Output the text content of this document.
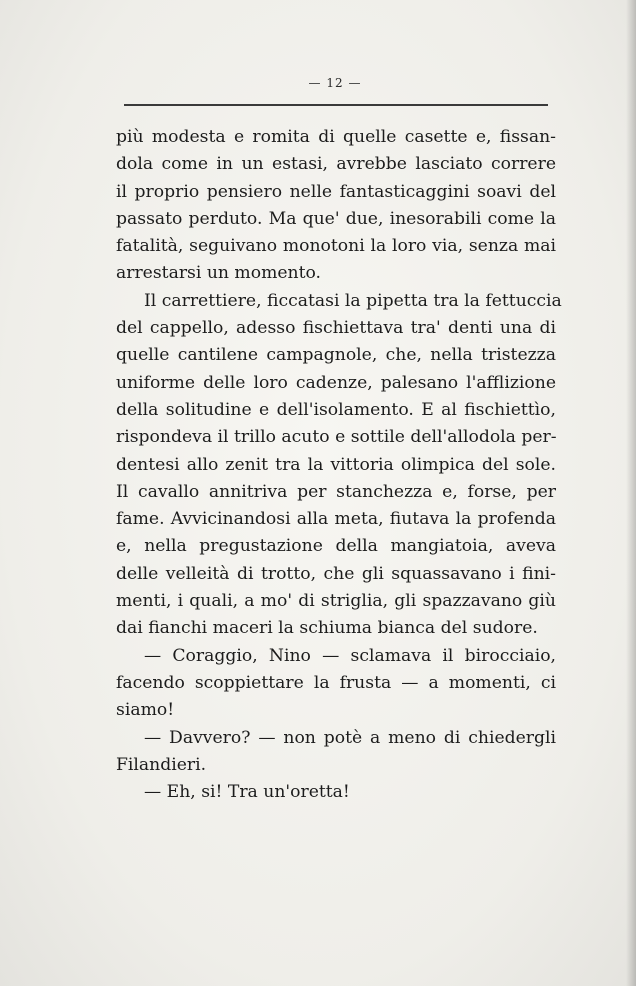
— 12 —
più modesta e romita di quelle casette e, fissan-
dola come in un estasi, avrebbe lasciato correre
il proprio pensiero nelle fantasticaggini soavi del
passato perduto. Ma que' due, inesorabili come la
fatalità, seguivano monotoni la loro via, senza mai
arrestarsi un momento.
Il carrettiere, ficcatasi la pipetta tra la fettuccia
del cappello, adesso fischiettava tra' denti una di
quelle cantilene campagnole, che, nella tristezza
uniforme delle loro cadenze, palesano l'afflizione
della solitudine e dell'isolamento. E al fischiettìo,
rispondeva il trillo acuto e sottile dell'allodola per-
dentesi allo zenit tra la vittoria olimpica del sole.
Il cavallo annitriva per stanchezza e, forse, per
fame. Avvicinandosi alla meta, fiutava la profenda
e, nella pregustazione della mangiatoia, aveva
delle velleità di trotto, che gli squassavano i fini-
menti, i quali, a mo' di striglia, gli spazzavano giù
dai fianchi maceri la schiuma bianca del sudore.
— Coraggio, Nino — sclamava il birocciaio,
facendo scoppiettare la frusta — a momenti, ci
siamo!
— Davvero? — non potè a meno di chiedergli
Filandieri.
— Eh, si! Tra un'oretta!
